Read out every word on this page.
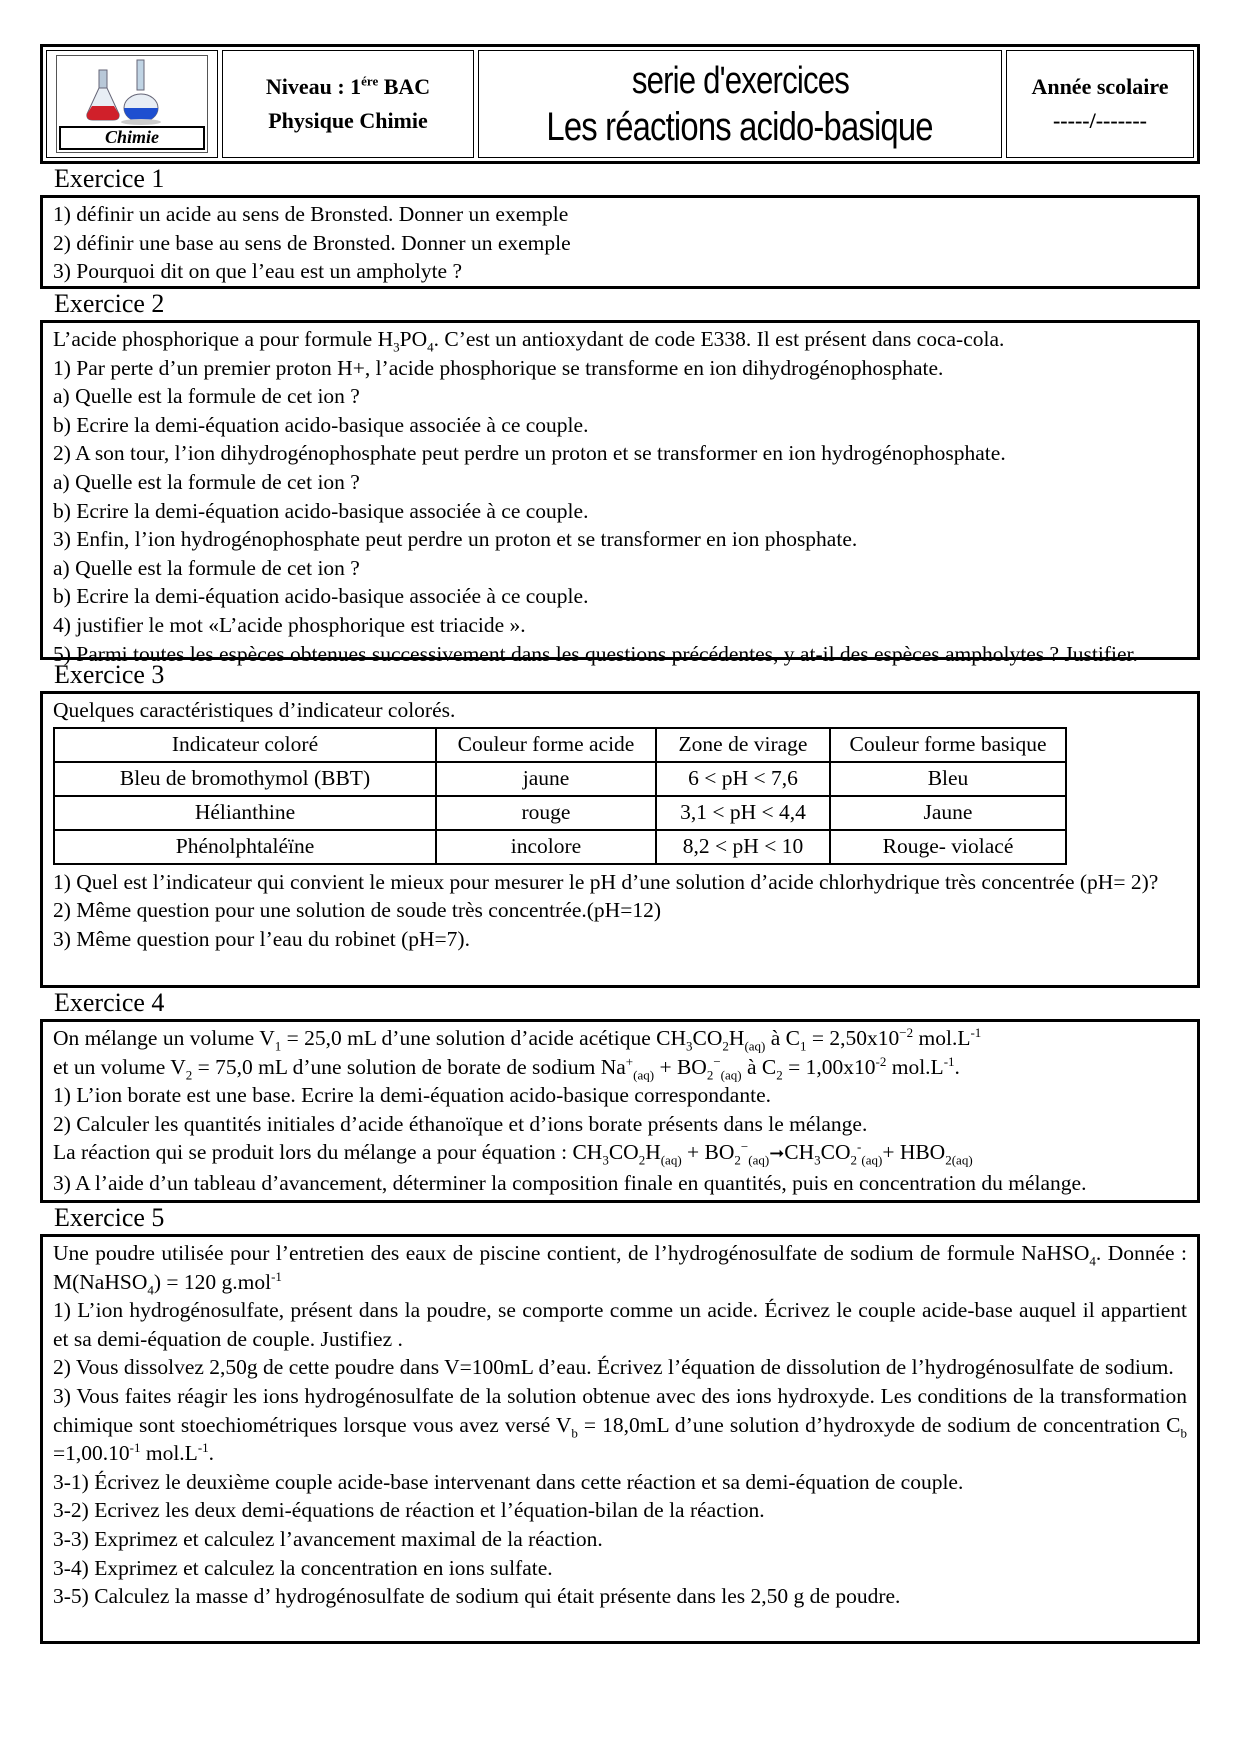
Chimie
Niveau : $1^{ére}$ BAC
Physique Chimie
serie d'exercices
Les réactions acido-basique
Année scolaire
-----/-------
Exercice 1

1) définir un acide au sens de Bronsted. Donner un exemple

2) définir une base au sens de Bronsted. Donner un exemple

3) Pourquoi dit on que l’eau est un ampholyte ?

Exercice 2

L’acide phosphorique a pour formule $H_3PO_4$. C’est un antioxydant de code E338. Il est présent dans coca-cola.

1) Par perte d’un premier proton H+, l’acide phosphorique se transforme en ion dihydrogénophosphate.

a) Quelle est la formule de cet ion ?

b) Ecrire la demi-équation acido-basique associée à ce couple.

2) A son tour, l’ion dihydrogénophosphate peut perdre un proton et se transformer en ion hydrogénophosphate.

a) Quelle est la formule de cet ion ?

b) Ecrire la demi-équation acido-basique associée à ce couple.

3) Enfin, l’ion hydrogénophosphate peut perdre un proton et se transformer en ion phosphate.

a) Quelle est la formule de cet ion ?

b) Ecrire la demi-équation acido-basique associée à ce couple.

4) justifier le mot «L’acide phosphorique est triacide ».

5) Parmi toutes les espèces obtenues successivement dans les questions précédentes, y at-il des espèces ampholytes ? Justifier.

Exercice 3

Quelques caractéristiques d’indicateur colorés.

Indicateur coloré	Couleur forme acide	Zone de virage	Couleur forme basique
Bleu de bromothymol (BBT)	jaune	6 < pH < 7,6	Bleu
Hélianthine	rouge	3,1 < pH < 4,4	Jaune
Phénolphtaléïne	incolore	8,2 < pH < 10	Rouge- violacé

1) Quel est l’indicateur qui convient le mieux pour mesurer le pH d’une solution d’acide chlorhydrique très concentrée (pH= 2)?

2) Même question pour une solution de soude très concentrée.(pH=12)

3) Même question pour l’eau du robinet (pH=7).

Exercice 4

On mélange un volume $V_1 = 25,0$ mL d’une solution d’acide acétique $CH_3CO_2H_{(aq)}$ à $C_1 = 2,50x10^{-2}$ $mol.L^{-1}$

et un volume $V_2 = 75,0$ mL d’une solution de borate de sodium $Na^+_{(aq)} + BO_2^-_{(aq)}$ à $C_2 = 1,00x10^{-2}$ $mol.L^{-1}$.

1) L’ion borate est une base. Ecrire la demi-équation acido-basique correspondante.

2) Calculer les quantités initiales d’acide éthanoïque et d’ions borate présents dans le mélange.

La réaction qui se produit lors du mélange a pour équation : $CH_3CO_2H_{(aq)}$ + $BO_2^-_{(aq)}➞CH_3CO_2^-_{(aq)}+ HBO_{2(aq)}$

3) A l’aide d’un tableau d’avancement, déterminer la composition finale en quantités, puis en concentration du mélange.

Exercice 5

Une poudre utilisée pour l’entretien des eaux de piscine contient, de l’hydrogénosulfate de sodium de formule NaHSO$_4$. Donnée : M(NaHSO$_4$) = 120 g.mol$^{-1}$

1) L’ion hydrogénosulfate, présent dans la poudre, se comporte comme un acide. Écrivez le couple acide-base auquel il appartient et sa demi-équation de couple. Justifiez .

2) Vous dissolvez 2,50g de cette poudre dans V=100mL d’eau. Écrivez l’équation de dissolution de l’hydrogénosulfate de sodium.

3) Vous faites réagir les ions hydrogénosulfate de la solution obtenue avec des ions hydroxyde. Les conditions de la transformation chimique sont stoechiométriques lorsque vous avez versé $V_b = 18,0mL$ d’une solution d’hydroxyde de sodium de concentration $C_b =1,00.10^{-1}$ $mol.L^{-1}$.

3-1) Écrivez le deuxième couple acide-base intervenant dans cette réaction et sa demi-équation de couple.

3-2) Ecrivez les deux demi-équations de réaction et l’équation-bilan de la réaction.

3-3) Exprimez et calculez l’avancement maximal de la réaction.

3-4) Exprimez et calculez la concentration en ions sulfate.

3-5) Calculez la masse d’ hydrogénosulfate de sodium qui était présente dans les 2,50 g de poudre.
